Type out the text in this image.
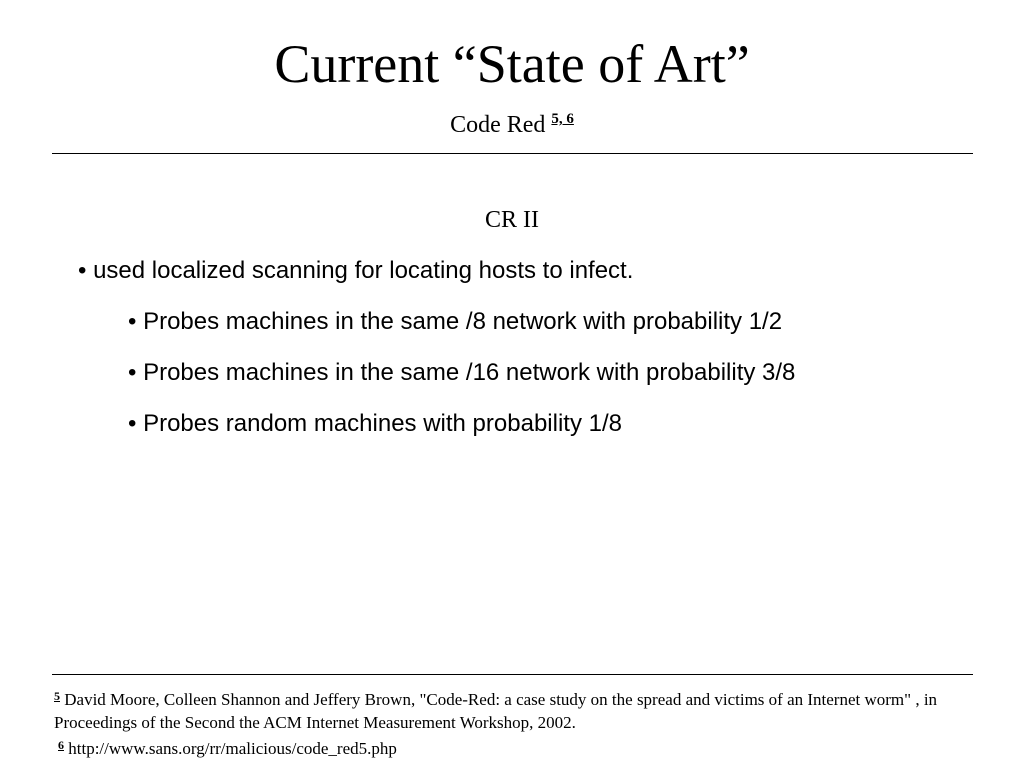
Current “State of Art”
Code Red $^{5, 6}$
CR II
• used localized scanning for locating hosts to infect.
• Probes machines in the same /8 network with probability 1/2
• Probes machines in the same /16 network with probability 3/8
• Probes random machines with probability 1/8
$^5$ David Moore, Colleen Shannon and Jeffery Brown, "Code-Red: a case study on the spread and victims of an Internet worm" , in Proceedings of the Second the ACM Internet Measurement Workshop, 2002.
$^6$ http://www.sans.org/rr/malicious/code_red5.php
